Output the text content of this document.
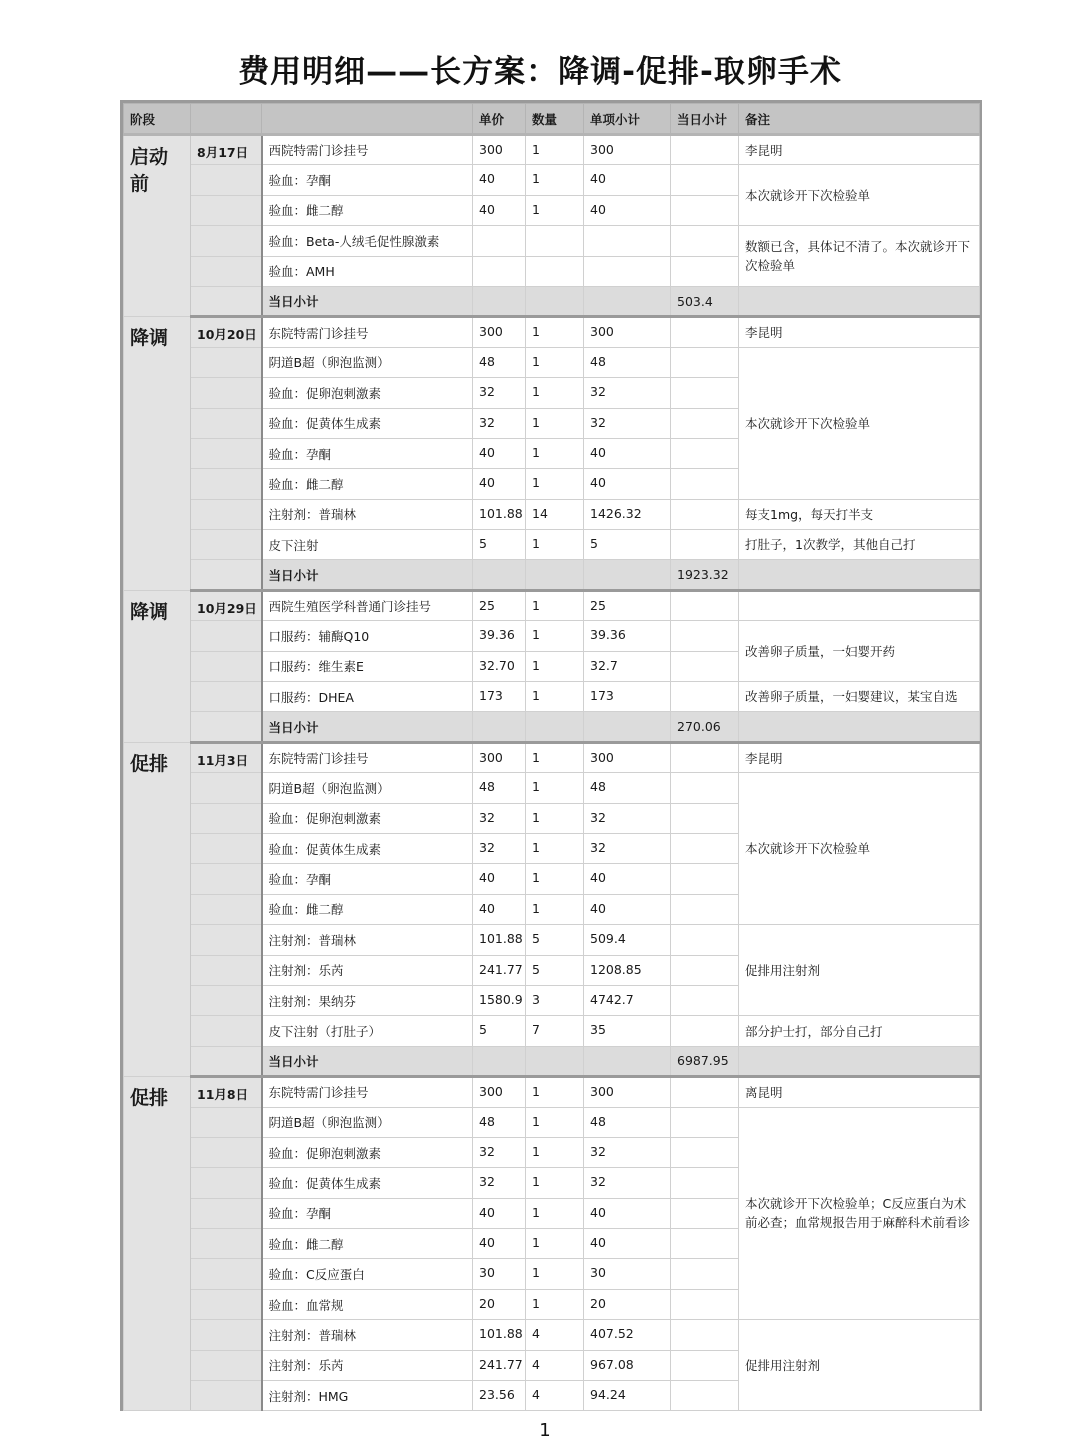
费用明细——长方案：降调-促排-取卵手术
阶段			单价	数量	单项小计	当日小计	备注
启动前	8月17日	西院特需门诊挂号	300	1	300		李昆明
		验血：孕酮	40	1	40		本次就诊开下次检验单
		验血：雌二醇	40	1	40		
		验血：Beta-人绒毛促性腺激素					数额已含，具体记不清了。本次就诊开下次检验单
		验血：AMH					
		当日小计				503.4	
降调	10月20日	东院特需门诊挂号	300	1	300		李昆明
		阴道B超（卵泡监测）	48	1	48		本次就诊开下次检验单
		验血：促卵泡刺激素	32	1	32		
		验血：促黄体生成素	32	1	32		
		验血：孕酮	40	1	40		
		验血：雌二醇	40	1	40		
		注射剂：普瑞林	101.88	14	1426.32		每支1mg，每天打半支
		皮下注射	5	1	5		打肚子，1次教学，其他自己打
		当日小计				1923.32	
降调	10月29日	西院生殖医学科普通门诊挂号	25	1	25		
		口服药：辅酶Q10	39.36	1	39.36		改善卵子质量，一妇婴开药
		口服药：维生素E	32.70	1	32.7		
		口服药：DHEA	173	1	173		改善卵子质量，一妇婴建议，某宝自选
		当日小计				270.06	
促排	11月3日	东院特需门诊挂号	300	1	300		李昆明
		阴道B超（卵泡监测）	48	1	48		本次就诊开下次检验单
		验血：促卵泡刺激素	32	1	32		
		验血：促黄体生成素	32	1	32		
		验血：孕酮	40	1	40		
		验血：雌二醇	40	1	40		
		注射剂：普瑞林	101.88	5	509.4		促排用注射剂
		注射剂：乐芮	241.77	5	1208.85		
		注射剂：果纳芬	1580.9	3	4742.7		
		皮下注射（打肚子）	5	7	35		部分护士打，部分自己打
		当日小计				6987.95	
促排	11月8日	东院特需门诊挂号	300	1	300		离昆明
		阴道B超（卵泡监测）	48	1	48		本次就诊开下次检验单；C反应蛋白为术前必查；血常规报告用于麻醉科术前看诊
		验血：促卵泡刺激素	32	1	32		
		验血：促黄体生成素	32	1	32		
		验血：孕酮	40	1	40		
		验血：雌二醇	40	1	40		
		验血：C反应蛋白	30	1	30		
		验血：血常规	20	1	20		
		注射剂：普瑞林	101.88	4	407.52		促排用注射剂
		注射剂：乐芮	241.77	4	967.08		
		注射剂：HMG	23.56	4	94.24		
1
